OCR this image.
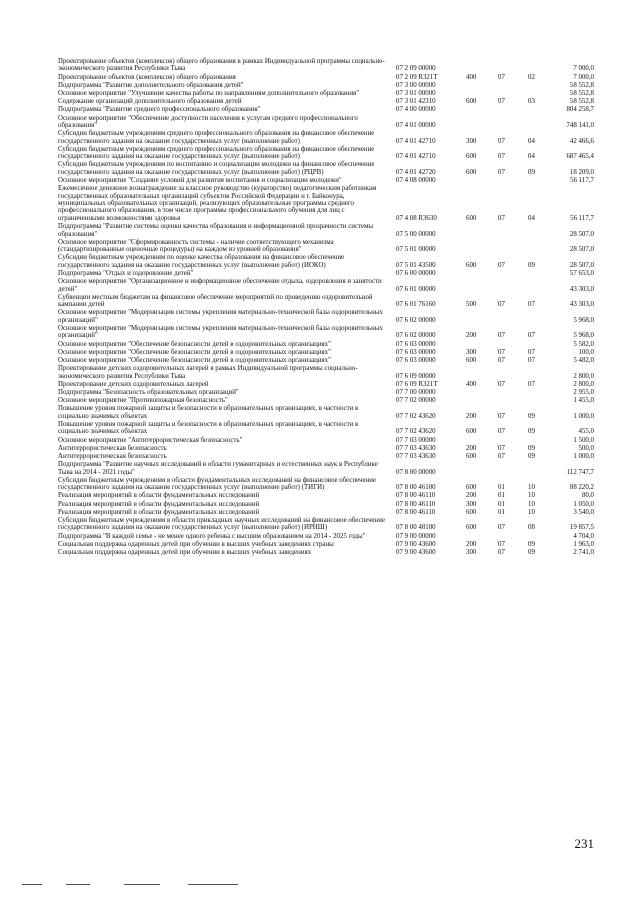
Проектирование объектов (комплексов) общего образования в рамках Индивидуальной программы социально-экономического развития Республики Тыва	07 2 09 00000	7 000,0
Проектирование объектов (комплексов) общего образования	07 2 09 R321Т	400	07	02	7 000,0
Подпрограмма "Развитие дополнительного образования детей"	07 3 00 00000	58 552,8
Основное мероприятие "Улучшение качества работы по направлениям дополнительного образования"	07 3 01 00000	58 552,8
Содержание организаций дополнительного образования детей	07 3 01 42310	600	07	03	58 552,8
Подпрограмма "Развитие среднего профессионального образования"	07 4 00 00000	804 258,7
Основное мероприятие "Обеспечение доступности населения к услугам среднего профессионального образования"	07 4 01 00000	748 141,0
Субсидии бюджетным учреждениям среднего профессионального образования на финансовое обеспечение государственного задания на оказание государственных услуг (выполнение работ)	07 4 01 42710	300	07	04	42 466,6
Субсидии бюджетным учреждениям среднего профессионального образования на финансовое обеспечение государственного задания на оказание государственных услуг (выполнение работ)	07 4 01 42710	600	07	04	687 465,4
Субсидии бюджетным учреждениям по воспитанию и социализации молодежи на финансовое обеспечение государственного задания на оказание государственных услуг (выполнение работ) (РЦРВ)	07 4 01 42720	600	07	09	18 209,0
Основное мероприятие "Создание условий для развития воспитания и социализации молодежи"	07 4 08 00000	56 117,7
Ежемесячное денежное вознаграждение за классное руководство (кураторство) педагогическим работникам государственных образовательных организаций субъектов Российской Федерации и г. Байконура, муниципальных образовательных организаций, реализующих образовательные программы среднего профессионального образования, в том числе программы профессионального обучения для лиц с ограниченными возможностями здоровья	07 4 08 R3630	600	07	04	56 117,7
Подпрограмма "Развитие системы оценки качества образования и информационной прозрачности системы образования"	07 5 00 00000	28 507,0
Основное мероприятие "Сформированность системы - наличие соответствующего механизма (стандартизированные оценочные процедуры) на каждом из уровней образования"	07 5 01 00000	28 507,0
Субсидии бюджетным учреждениям по оценке качества образования на финансовое обеспечение государственного задания на оказание государственных услуг (выполнение работ) (ИОКО)	07 5 01 43500	600	07	09	28 507,0
Подпрограмма "Отдых и оздоровление детей"	07 6 00 00000	57 653,0
Основное мероприятие "Организационное и информационное обеспечение отдыха, оздоровления и занятости детей"	07 6 01 00000	43 303,0
Субвенции местным бюджетам на финансовое обеспечение мероприятий по проведению оздоровительной кампании детей	07 6 01 76160	500	07	07	43 303,0
Основное мероприятие "Модернизация системы укрепления материально-технической базы оздоровительных организаций"	07 6 02 00000	5 968,0
Основное мероприятие "Модернизация системы укрепления материально-технической базы оздоровительных организаций"	07 6 02 00000	200	07	07	5 968,0
Основное мероприятие "Обеспечение безопасности детей в оздоровительных организациях"	07 6 03 00000	5 582,0
Основное мероприятие "Обеспечение безопасности детей в оздоровительных организациях"	07 6 03 00000	300	07	07	100,0
Основное мероприятие "Обеспечение безопасности детей в оздоровительных организациях"	07 6 03 00000	600	07	07	5 482,0
Проектирование детских оздоровительных лагерей в рамках Индивидуальной программы социально-экономического развития Республики Тыва	07 6 09 00000	2 800,0
Проектирование детских оздоровительных лагерей	07 6 09 R321Т	400	07	07	2 800,0
Подпрограмма "Безопасность образовательных организаций"	07 7 00 00000	2 955,0
Основное мероприятие "Противопожарная безопасность"	07 7 02 00000	1 455,0
Повышение уровня пожарной защиты и безопасности в образовательных организациях, в частности в социально значимых объектах	07 7 02 43620	200	07	09	1 000,0
Повышение уровня пожарной защиты и безопасности в образовательных организациях, в частности в социально значимых объектах	07 7 02 43620	600	07	09	455,0
Основное мероприятие "Антитеррористическая безопасность"	07 7 03 00000	1 500,0
Антитеррористическая безопасность	07 7 03 43630	200	07	09	500,0
Антитеррористическая безопасность	07 7 03 43630	600	07	09	1 000,0
Подпрограмма "Развитие научных исследований в области гуманитарных и естественных наук в Республике Тыва на 2014 - 2021 годы"	07 8 00 00000	112 747,7
Субсидии бюджетным учреждениям в области фундаментальных исследований на финансовое обеспечение государственного задания на оказание государственных услуг (выполнение работ) (ТИГИ)	07 8 00 46100	600	01	10	88 220,2
Реализация мероприятий в области фундаментальных исследований	07 8 00 46110	200	01	10	80,0
Реализация мероприятий в области фундаментальных исследований	07 8 00 46110	300	01	10	1 050,0
Реализация мероприятий в области фундаментальных исследований	07 8 00 46110	600	01	10	3 540,0
Субсидии бюджетным учреждениям в области прикладных научных исследований на финансовое обеспечение государственного задания на оказание государственных услуг (выполнение работ) (ИРНШ)	07 8 00 48100	600	07	08	19 857,5
Подпрограмма "В каждой семье - не менее одного ребенка с высшим образованием на 2014 - 2025 годы"	07 9 00 00000	4 704,0
Социальная поддержка одаренных детей при обучении в высших учебных заведениях страны	07 9 00 43600	200	07	09	1 963,0
Социальная поддержка одаренных детей при обучении в высших учебных заведениях	07 9 00 43600	300	07	09	2 741,0
231
